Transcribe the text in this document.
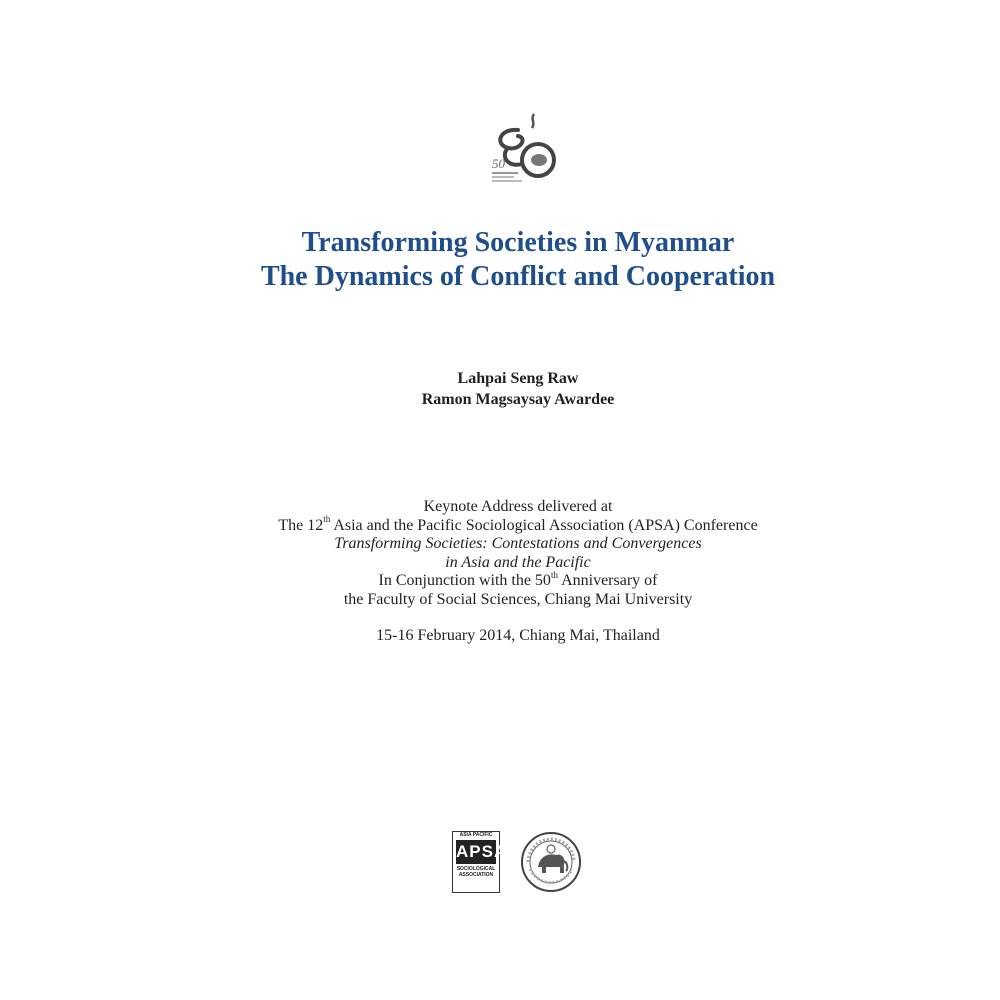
50
Transforming Societies in Myanmar
The Dynamics of Conflict and Cooperation
Lahpai Seng Raw
Ramon Magsaysay Awardee
Keynote Address delivered at
The 12th Asia and the Pacific Sociological Association (APSA) Conference
Transforming Societies: Contestations and Convergences
in Asia and the Pacific
In Conjunction with the 50th Anniversary of
the Faculty of Social Sciences, Chiang Mai University
15-16 February 2014, Chiang Mai, Thailand
ASIA PACIFIC
APSA
SOCIOLOGICAL
ASSOCIATION
